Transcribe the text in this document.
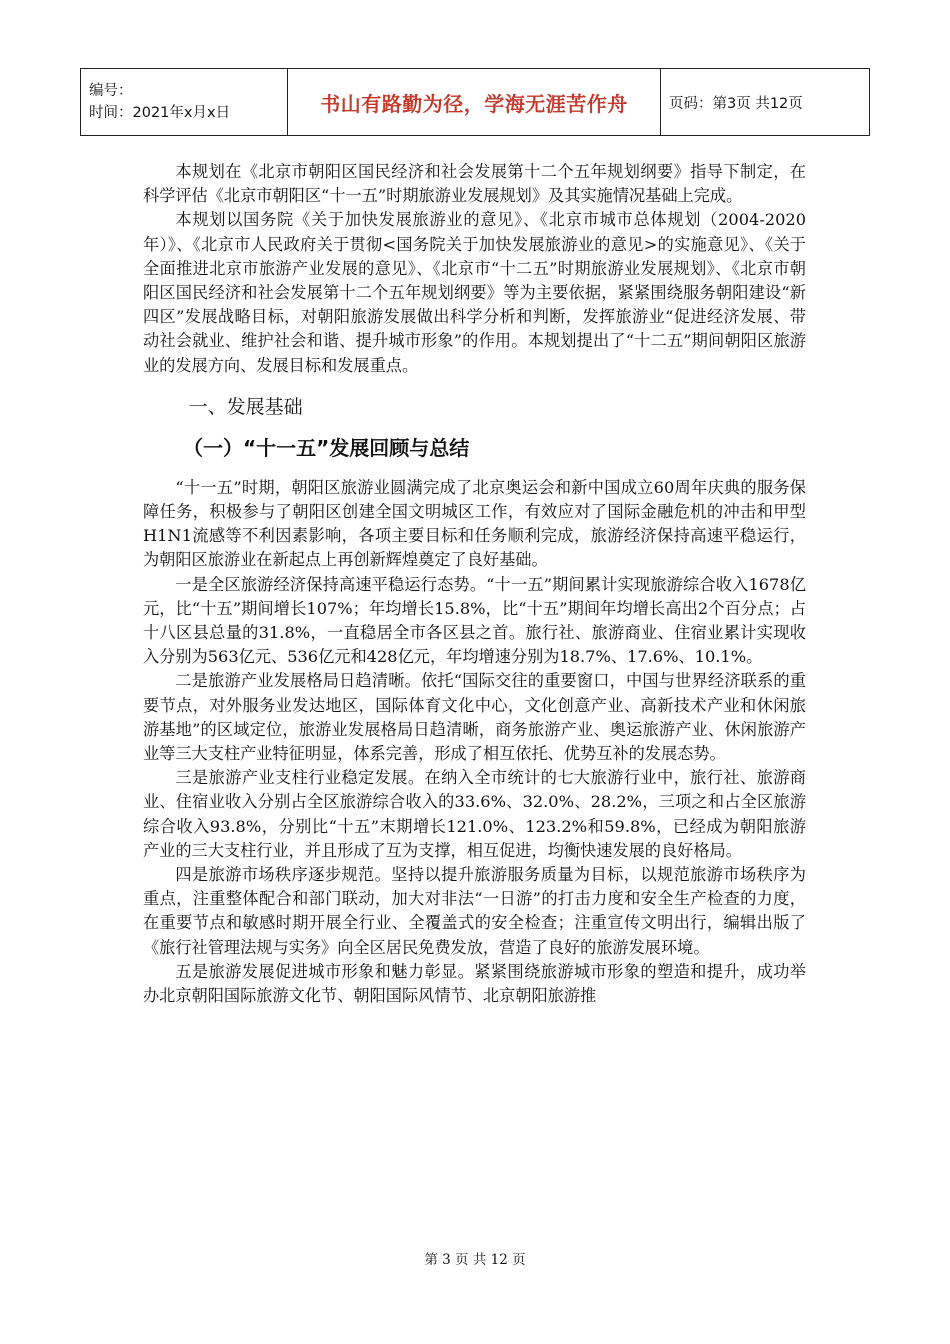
编号：
时间：2021年x月x日	书山有路勤为径，学海无涯苦作舟	页码：第3页 共12页

本规划在《北京市朝阳区国民经济和社会发展第十二个五年规划纲要》指导下制定，在科学评估《北京市朝阳区“十一五”时期旅游业发展规划》及其实施情况基础上完成。

本规划以国务院《关于加快发展旅游业的意见》、《北京市城市总体规划（2004-2020年）》、《北京市人民政府关于贯彻<国务院关于加快发展旅游业的意见>的实施意见》、《关于全面推进北京市旅游产业发展的意见》、《北京市“十二五”时期旅游业发展规划》、《北京市朝阳区国民经济和社会发展第十二个五年规划纲要》等为主要依据，紧紧围绕服务朝阳建设“新四区”发展战略目标，对朝阳旅游发展做出科学分析和判断，发挥旅游业“促进经济发展、带动社会就业、维护社会和谐、提升城市形象”的作用。本规划提出了“十二五”期间朝阳区旅游业的发展方向、发展目标和发展重点。

一、发展基础

（一）“十一五”发展回顾与总结

“十一五”时期，朝阳区旅游业圆满完成了北京奥运会和新中国成立60周年庆典的服务保障任务，积极参与了朝阳区创建全国文明城区工作，有效应对了国际金融危机的冲击和甲型H1N1流感等不利因素影响，各项主要目标和任务顺利完成，旅游经济保持高速平稳运行，为朝阳区旅游业在新起点上再创新辉煌奠定了良好基础。

一是全区旅游经济保持高速平稳运行态势。“十一五”期间累计实现旅游综合收入1678亿元，比“十五”期间增长107%；年均增长15.8%，比“十五”期间年均增长高出2个百分点；占十八区县总量的31.8%，一直稳居全市各区县之首。旅行社、旅游商业、住宿业累计实现收入分别为563亿元、536亿元和428亿元，年均增速分别为18.7%、17.6%、10.1%。

二是旅游产业发展格局日趋清晰。依托“国际交往的重要窗口，中国与世界经济联系的重要节点，对外服务业发达地区，国际体育文化中心，文化创意产业、高新技术产业和休闲旅游基地”的区域定位，旅游业发展格局日趋清晰，商务旅游产业、奥运旅游产业、休闲旅游产业等三大支柱产业特征明显，体系完善，形成了相互依托、优势互补的发展态势。

三是旅游产业支柱行业稳定发展。在纳入全市统计的七大旅游行业中，旅行社、旅游商业、住宿业收入分别占全区旅游综合收入的33.6%、32.0%、28.2%，三项之和占全区旅游综合收入93.8%，分别比“十五”末期增长121.0%、123.2%和59.8%，已经成为朝阳旅游产业的三大支柱行业，并且形成了互为支撑，相互促进，均衡快速发展的良好格局。

四是旅游市场秩序逐步规范。坚持以提升旅游服务质量为目标，以规范旅游市场秩序为重点，注重整体配合和部门联动，加大对非法“一日游”的打击力度和安全生产检查的力度，在重要节点和敏感时期开展全行业、全覆盖式的安全检查；注重宣传文明出行，编辑出版了《旅行社管理法规与实务》向全区居民免费发放，营造了良好的旅游发展环境。

五是旅游发展促进城市形象和魅力彰显。紧紧围绕旅游城市形象的塑造和提升，成功举办北京朝阳国际旅游文化节、朝阳国际风情节、北京朝阳旅游推

第 3 页 共 12 页
